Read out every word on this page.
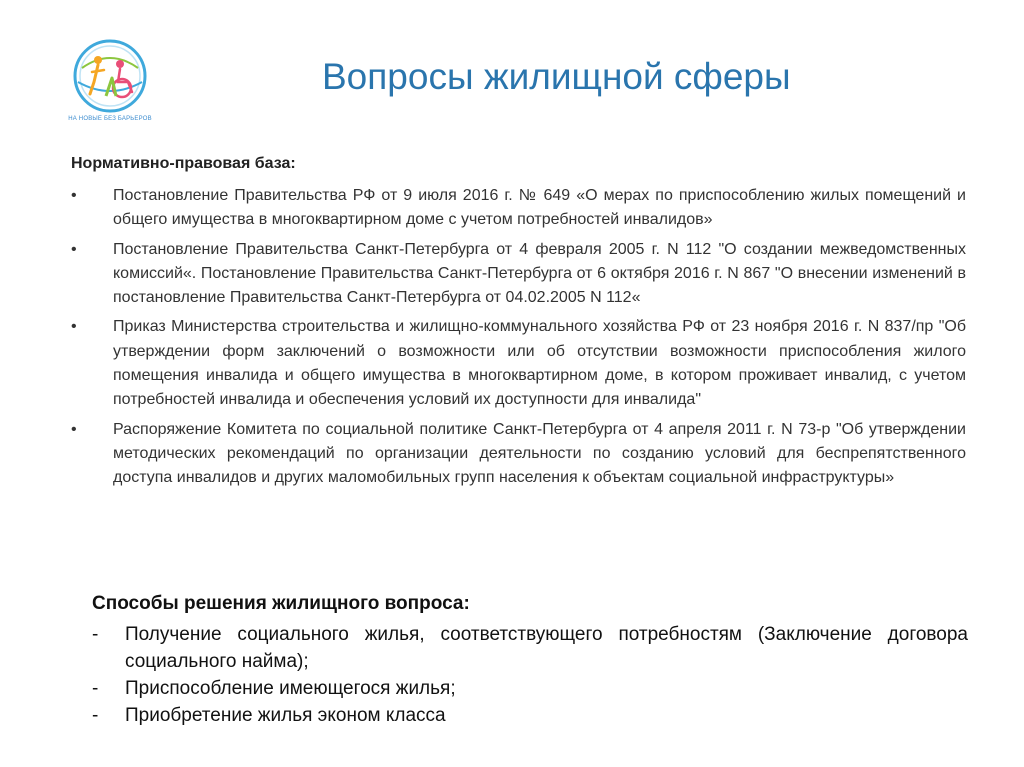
НА НОВЫЕ БЕЗ БАРЬЕРОВ
Вопросы жилищной сферы
Нормативно-правовая база:
•	Постановление Правительства РФ от 9 июля 2016 г. № 649 «О мерах по приспособлению жилых помещений и общего имущества в многоквартирном доме с учетом потребностей инвалидов»
•	Постановление Правительства Санкт-Петербурга от 4 февраля 2005 г. N 112 "О создании межведомственных комиссий«. Постановление Правительства Санкт-Петербурга от 6 октября 2016 г. N 867 "О внесении изменений в постановление Правительства Санкт-Петербурга от 04.02.2005 N 112«
•	Приказ Министерства строительства и жилищно-коммунального хозяйства РФ от 23 ноября 2016 г. N 837/пр "Об утверждении форм заключений о возможности или об отсутствии возможности приспособления жилого помещения инвалида и общего имущества в многоквартирном доме, в котором проживает инвалид, с учетом потребностей инвалида и обеспечения условий их доступности для инвалида"
•	Распоряжение Комитета по социальной политике Санкт-Петербурга от 4 апреля 2011 г. N 73-р "Об утверждении методических рекомендаций по организации деятельности по созданию условий для беспрепятственного доступа инвалидов и других маломобильных групп населения к объектам социальной инфраструктуры»
Способы решения жилищного вопроса:
- Получение социального жилья, соответствующего потребностям (Заключение договора социального найма);
- Приспособление имеющегося жилья;
- Приобретение жилья эконом класса
